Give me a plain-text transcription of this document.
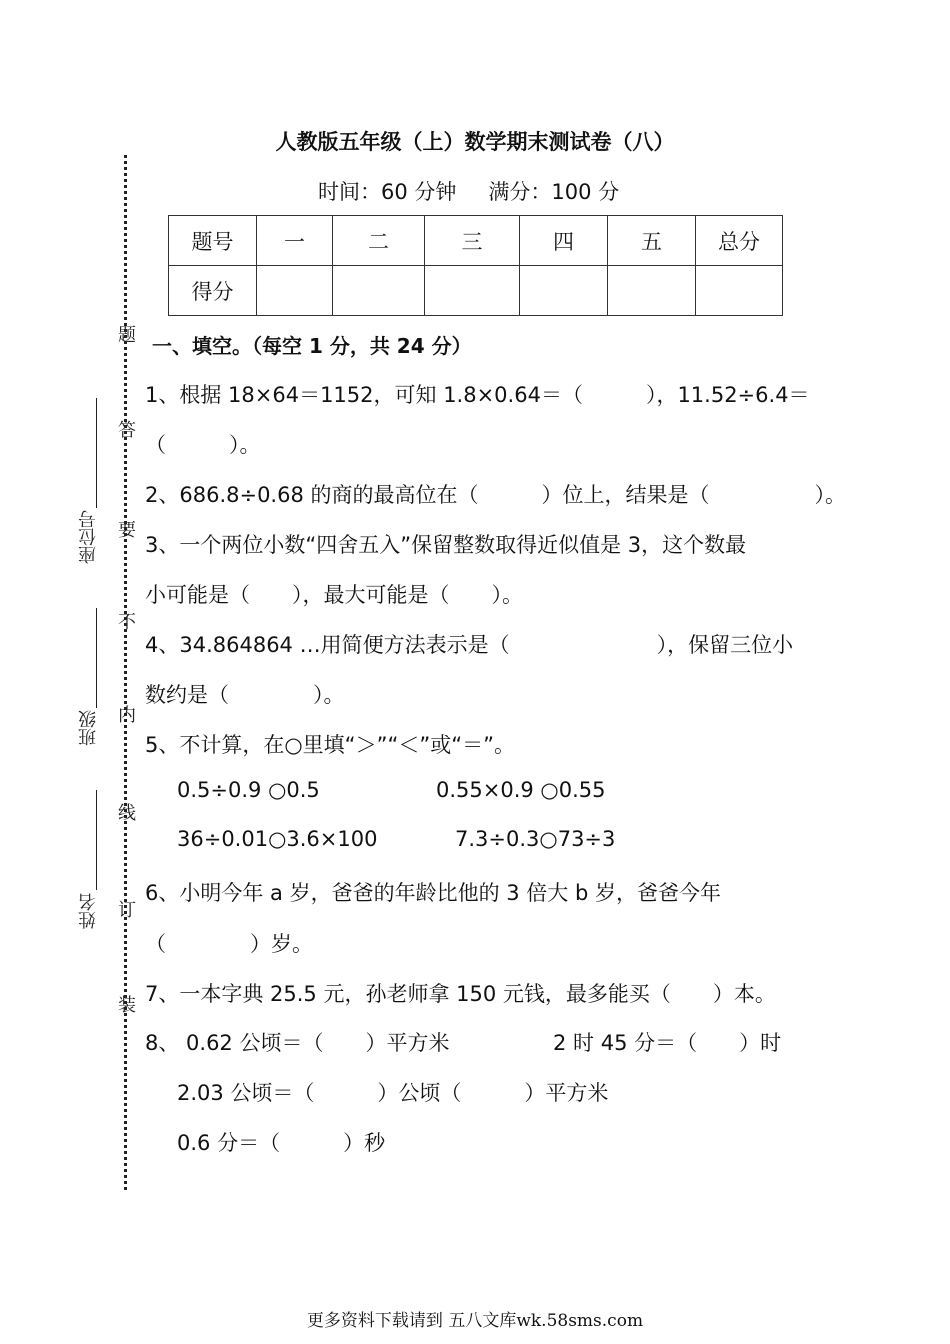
题
答
要
不
内
线
订
装
座位号
班级
姓名
人教版五年级（上）数学期末测试卷（八）
时间：60 分钟 满分：100 分
题号	一	二	三	四	五	总分
得分						
一、填空。（每空 1 分，共 24 分）
1、根据 18×64＝1152，可知 1.8×0.64＝（　　　），11.52÷6.4＝
（　　　）。
2、686.8÷0.68 的商的最高位在（　　　）位上，结果是（　　　　　）。
3、一个两位小数“四舍五入”保留整数取得近似值是 3，这个数最
小可能是（　　），最大可能是（　　）。
4、34.864864 …用简便方法表示是（　　　　　　　），保留三位小
数约是（　　　　）。
5、不计算，在○里填“＞”“＜”或“＝”。
0.5÷0.9 ○0.5	0.55×0.9 ○0.55
36÷0.01○3.6×100	7.3÷0.3○73÷3
6、小明今年 a 岁，爸爸的年龄比他的 3 倍大 b 岁，爸爸今年
（　　　　）岁。
7、一本字典 25.5 元，孙老师拿 150 元钱，最多能买（　　）本。
8、 0.62 公顷＝（　　）平方米	2 时 45 分＝（　　）时
2.03 公顷＝（　　　）公顷（　　　）平方米
0.6 分＝（　　　）秒
更多资料下载请到 五八文库wk.58sms.com
